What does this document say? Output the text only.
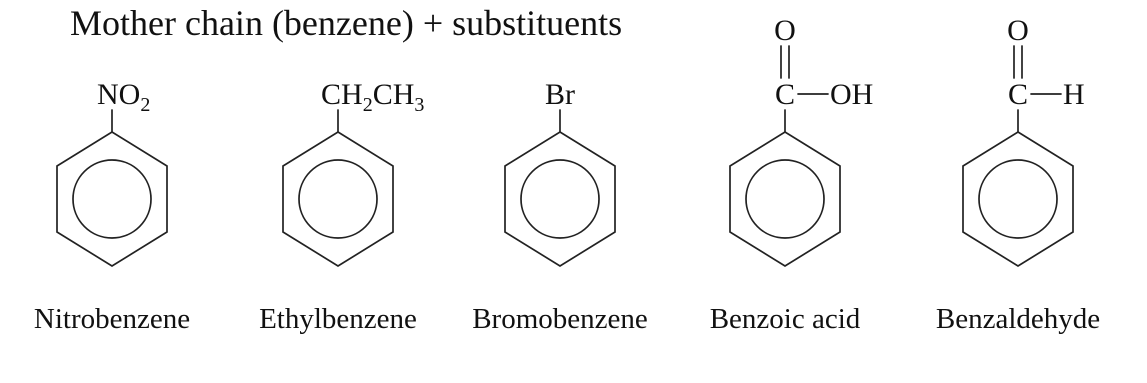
Mother chain (benzene) + substituents
$NO_2$
Nitrobenzene
$CH_2CH_3$
Ethylbenzene
Br
Bromobenzene
O
C OH
Benzoic acid
O
C H
Benzaldehyde
